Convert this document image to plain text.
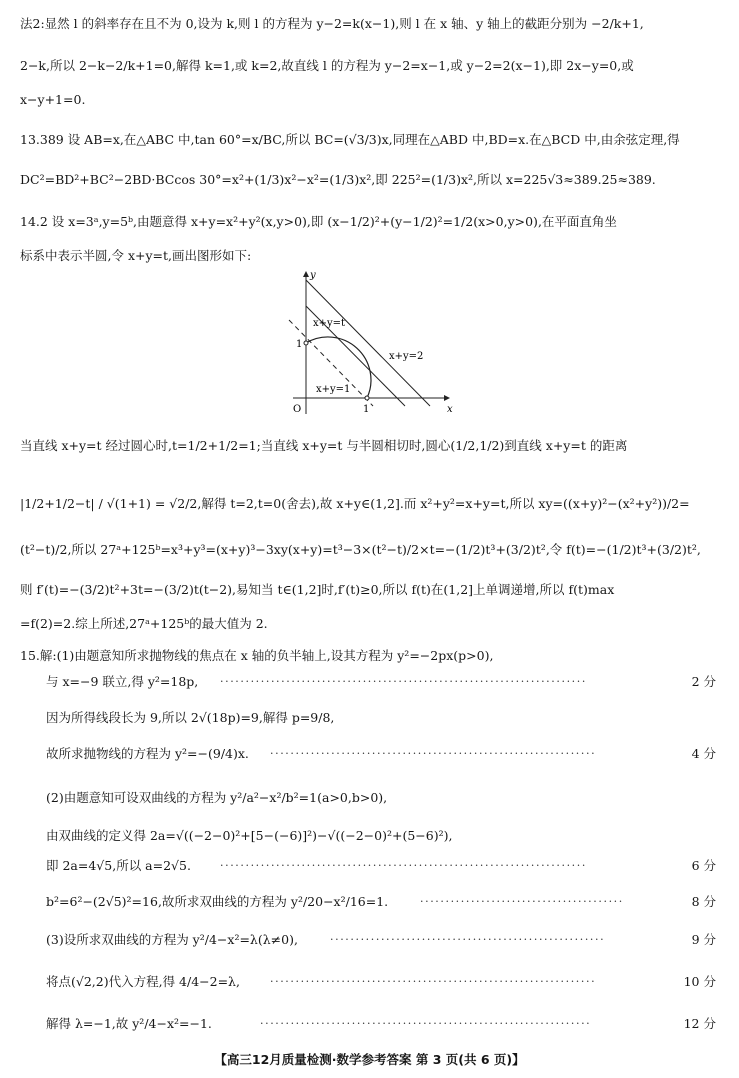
法2:显然 l 的斜率存在且不为 0,设为 k,则 l 的方程为 y−2=k(x−1),则 l 在 x 轴、y 轴上的截距分别为 −2/k+1,
2−k,所以 2−k−2/k+1=0,解得 k=1,或 k=2,故直线 l 的方程为 y−2=x−1,或 y−2=2(x−1),即 2x−y=0,或
x−y+1=0.
13.389 设 AB=x,在△ABC 中,tan 60°=x/BC,所以 BC=(√3/3)x,同理在△ABD 中,BD=x.在△BCD 中,由余弦定理,得
DC²=BD²+BC²−2BD·BCcos 30°=x²+(1/3)x²−x²=(1/3)x²,即 225²=(1/3)x²,所以 x=225√3≈389.25≈389.
14.2 设 x=3ᵃ,y=5ᵇ,由题意得 x+y=x²+y²(x,y>0),即 (x−1/2)²+(y−1/2)²=1/2(x>0,y>0),在平面直角坐
标系中表示半圆,令 x+y=t,画出图形如下:
x
y
O	1
1
x+y=t
x+y=2
x+y=1
当直线 x+y=t 经过圆心时,t=1/2+1/2=1;当直线 x+y=t 与半圆相切时,圆心(1/2,1/2)到直线 x+y=t 的距离
|1/2+1/2−t| / √(1+1) = √2/2,解得 t=2,t=0(舍去),故 x+y∈(1,2].而 x²+y²=x+y=t,所以 xy=((x+y)²−(x²+y²))/2=
(t²−t)/2,所以 27ᵃ+125ᵇ=x³+y³=(x+y)³−3xy(x+y)=t³−3×(t²−t)/2×t=−(1/2)t³+(3/2)t²,令 f(t)=−(1/2)t³+(3/2)t²,
则 f′(t)=−(3/2)t²+3t=−(3/2)t(t−2),易知当 t∈(1,2]时,f′(t)≥0,所以 f(t)在(1,2]上单调递增,所以 f(t)max
=f(2)=2.综上所述,27ᵃ+125ᵇ的最大值为 2.
15.解:(1)由题意知所求抛物线的焦点在 x 轴的负半轴上,设其方程为 y²=−2px(p>0),
与 x=−9 联立,得 y²=18p, ········································································	2 分
因为所得线段长为 9,所以 2√(18p)=9,解得 p=9/8,
故所求抛物线的方程为 y²=−(9/4)x. ································································	4 分
(2)由题意知可设双曲线的方程为 y²/a²−x²/b²=1(a>0,b>0),
由双曲线的定义得 2a=√((−2−0)²+[5−(−6)]²)−√((−2−0)²+(5−6)²),
即 2a=4√5,所以 a=2√5.	········································································	6 分
b²=6²−(2√5)²=16,故所求双曲线的方程为 y²/20−x²/16=1.	········································	8 分
(3)设所求双曲线的方程为 y²/4−x²=λ(λ≠0),	······················································	9 分
将点(√2,2)代入方程,得 4/4−2=λ,	································································	10 分
解得 λ=−1,故 y²/4−x²=−1.	·································································	12 分
【高三12月质量检测·数学参考答案 第 3 页(共 6 页)】
